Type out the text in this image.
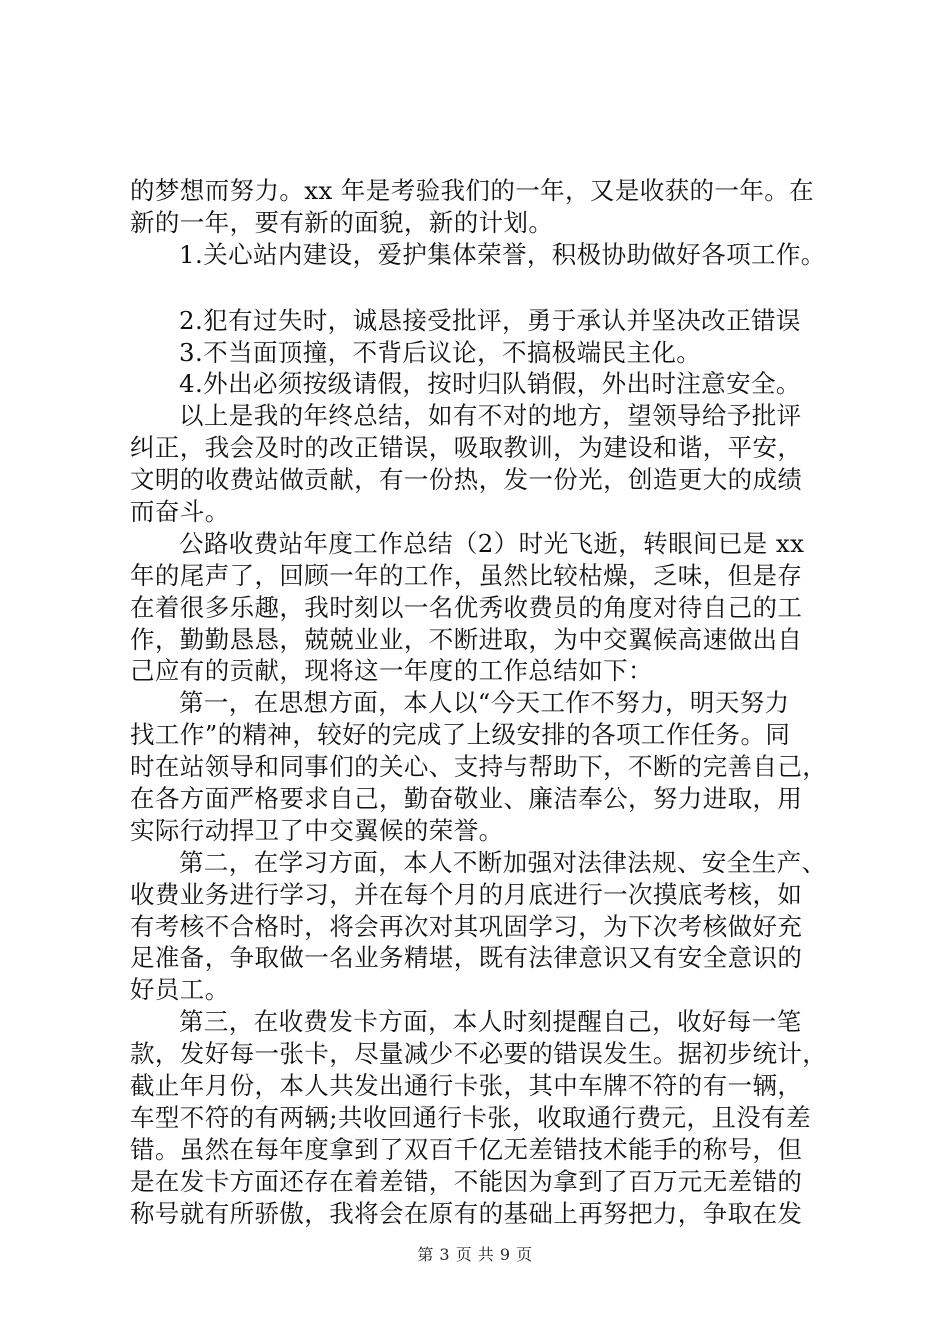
的梦想而努力。xx 年是考验我们的一年，又是收获的一年。在
新的一年，要有新的面貌，新的计划。
1.关心站内建设，爱护集体荣誉，积极协助做好各项工作。
2.犯有过失时，诚恳接受批评，勇于承认并坚决改正错误
3.不当面顶撞，不背后议论，不搞极端民主化。
4.外出必须按级请假，按时归队销假，外出时注意安全。
以上是我的年终总结，如有不对的地方，望领导给予批评
纠正，我会及时的改正错误，吸取教训，为建设和谐，平安，
文明的收费站做贡献，有一份热，发一份光，创造更大的成绩
而奋斗。
公路收费站年度工作总结（2）时光飞逝，转眼间已是 xx
年的尾声了，回顾一年的工作，虽然比较枯燥，乏味，但是存
在着很多乐趣，我时刻以一名优秀收费员的角度对待自己的工
作，勤勤恳恳，兢兢业业，不断进取，为中交翼候高速做出自
己应有的贡献，现将这一年度的工作总结如下：
第一，在思想方面，本人以“今天工作不努力，明天努力
找工作”的精神，较好的完成了上级安排的各项工作任务。同
时在站领导和同事们的关心、支持与帮助下，不断的完善自己，
在各方面严格要求自己，勤奋敬业、廉洁奉公，努力进取，用
实际行动捍卫了中交翼候的荣誉。
第二，在学习方面，本人不断加强对法律法规、安全生产、
收费业务进行学习，并在每个月的月底进行一次摸底考核，如
有考核不合格时，将会再次对其巩固学习，为下次考核做好充
足准备，争取做一名业务精堪，既有法律意识又有安全意识的
好员工。
第三，在收费发卡方面，本人时刻提醒自己，收好每一笔
款，发好每一张卡，尽量减少不必要的错误发生。据初步统计，
截止年月份，本人共发出通行卡张，其中车牌不符的有一辆，
车型不符的有两辆;共收回通行卡张，收取通行费元，且没有差
错。虽然在每年度拿到了双百千亿无差错技术能手的称号，但
是在发卡方面还存在着差错，不能因为拿到了百万元无差错的
称号就有所骄傲，我将会在原有的基础上再努把力，争取在发
第 3 页 共 9 页
